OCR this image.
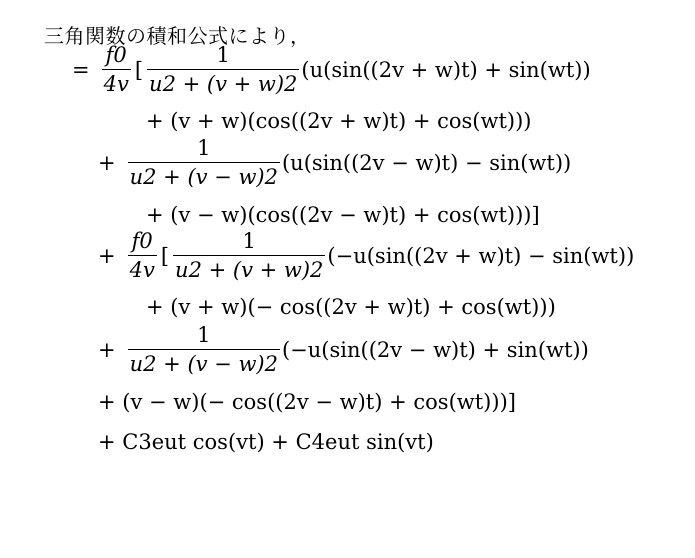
三角関数の積和公式により，
= $\frac{f0}{4v}$ [ $\frac{1}{u2 + (v + w)2} (u(\sin((2v + w)t) + \sin(wt))$
+ (v + w)(cos((2v + w)t) + cos(wt)))
+ $\frac{1}{u2 + (v - w)2} (u(\sin((2v - w)t) - \sin(wt))$
+ (v − w)(cos((2v − w)t) + cos(wt)))]
+ $\frac{f0}{4v}$ [ $\frac{1}{u2 + (v + w)2} (-u(\sin((2v + w)t) - \sin(wt))$
+ (v + w)(− cos((2v + w)t) + cos(wt)))
+ $\frac{1}{u2 + (v - w)2} (-u(\sin((2v - w)t) + \sin(wt))$
+ (v − w)(− cos((2v − w)t) + cos(wt)))]
+ C3eut cos(vt) + C4eut sin(vt)
